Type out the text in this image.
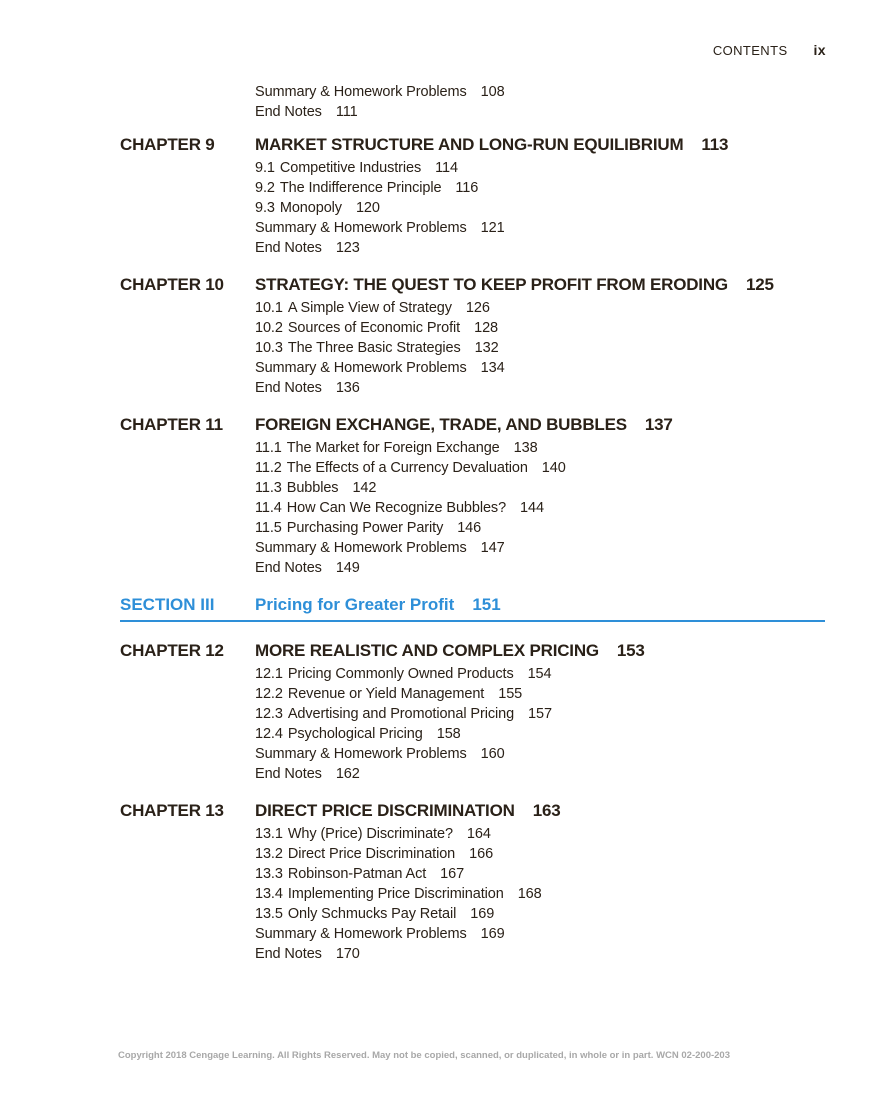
CONTENTS ix
Summary & Homework Problems 108
End Notes 111
CHAPTER 9 MARKET STRUCTURE AND LONG-RUN EQUILIBRIUM 113
9.1 Competitive Industries 114
9.2 The Indifference Principle 116
9.3 Monopoly 120
Summary & Homework Problems 121
End Notes 123
CHAPTER 10 STRATEGY: THE QUEST TO KEEP PROFIT FROM ERODING 125
10.1 A Simple View of Strategy 126
10.2 Sources of Economic Profit 128
10.3 The Three Basic Strategies 132
Summary & Homework Problems 134
End Notes 136
CHAPTER 11 FOREIGN EXCHANGE, TRADE, AND BUBBLES 137
11.1 The Market for Foreign Exchange 138
11.2 The Effects of a Currency Devaluation 140
11.3 Bubbles 142
11.4 How Can We Recognize Bubbles? 144
11.5 Purchasing Power Parity 146
Summary & Homework Problems 147
End Notes 149
SECTION III Pricing for Greater Profit 151
CHAPTER 12 MORE REALISTIC AND COMPLEX PRICING 153
12.1 Pricing Commonly Owned Products 154
12.2 Revenue or Yield Management 155
12.3 Advertising and Promotional Pricing 157
12.4 Psychological Pricing 158
Summary & Homework Problems 160
End Notes 162
CHAPTER 13 DIRECT PRICE DISCRIMINATION 163
13.1 Why (Price) Discriminate? 164
13.2 Direct Price Discrimination 166
13.3 Robinson-Patman Act 167
13.4 Implementing Price Discrimination 168
13.5 Only Schmucks Pay Retail 169
Summary & Homework Problems 169
End Notes 170
Copyright 2018 Cengage Learning. All Rights Reserved. May not be copied, scanned, or duplicated, in whole or in part. WCN 02-200-203
